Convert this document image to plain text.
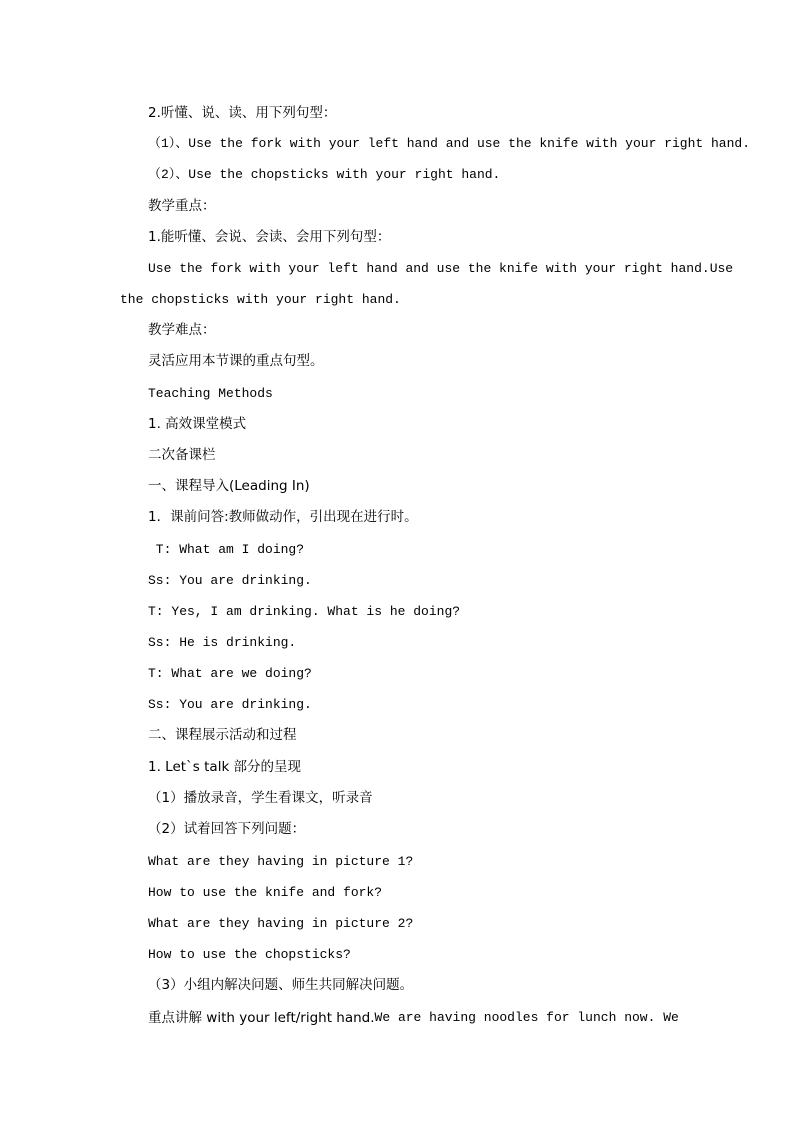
2.听懂、说、读、用下列句型：
（1）、Use the fork with your left hand and use the knife with your right hand.
（2）、Use the chopsticks with your right hand.
教学重点：
1.能听懂、会说、会读、会用下列句型：
Use the fork with your left hand and use the knife with your right hand. Use
the chopsticks with your right hand.
教学难点：
灵活应用本节课的重点句型。
Teaching Methods
1. 高效课堂模式
二次备课栏
一、课程导入(Leading In)
1．课前问答:教师做动作，引出现在进行时。
T: What am I doing?
Ss: You are drinking.
T: Yes, I am drinking. What is he doing?
Ss: He is drinking.
T: What are we doing?
Ss: You are drinking.
二、课程展示活动和过程
1. Let`s talk 部分的呈现
（1）播放录音，学生看课文，听录音
（2）试着回答下列问题：
What are they having in picture 1?
How to use the knife and fork?
What are they having in picture 2?
How to use the chopsticks?
（3）小组内解决问题、师生共同解决问题。
重点讲解 with your left/right hand. We are having noodles for lunch now. We
